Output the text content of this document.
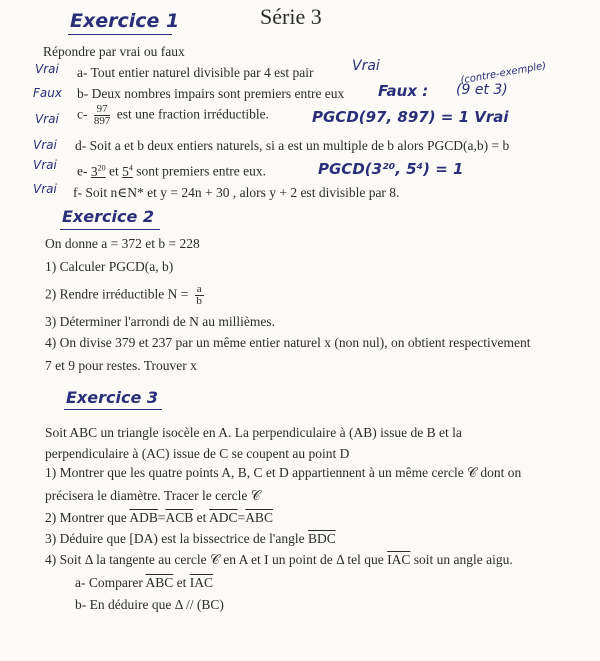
Exercice 1	Série 3
Répondre par vrai ou faux
Vrai a- Tout entier naturel divisible par 4 est pair	Vrai
Faux b- Deux nombres impairs sont premiers entre eux Faux :
(contre-exemple)
(9 et 3)
Vrai $c- \frac{97}{897}$ est une fraction irréductible.	PGCD(97, 897) = 1 Vrai
Vrai d- Soit a et b deux entiers naturels, si a est un multiple de b alors PGCD(a,b) = b
Vrai e- $3^{20}$ et $5^4$ sont premiers entre eux.	PGCD(3²⁰, 5⁴) = 1
Vrai f- Soit n∈N* et y = 24n + 30 , alors y + 2 est divisible par 8.
Exercice 2
On donne a = 372 et b = 228
1) Calculer PGCD(a, b)
2) Rendre irréductible $N = \frac{a}{b}$
3) Déterminer l'arrondi de N au millièmes.
4) On divise 379 et 237 par un même entier naturel x (non nul), on obtient respectivement
7 et 9 pour restes. Trouver x
Exercice 3
Soit ABC un triangle isocèle en A. La perpendiculaire à (AB) issue de B et la
perpendiculaire à (AC) issue de C se coupent au point D
1) Montrer que les quatre points A, B, C et D appartiennent à un même cercle 𝒞 dont on
précisera le diamètre. Tracer le cercle 𝒞
2) Montrer que $\overline{ADB}=\overline{ACB}$ et $\overline{ADC}=\overline{ABC}$
3) Déduire que [DA) est la bissectrice de l'angle $\overline{BDC}$
4) Soit Δ la tangente au cercle 𝒞 en A et I un point de Δ tel que $\overline{IAC}$ soit un angle aigu.
a- Comparer $\overline{ABC}$ et $\overline{IAC}$
b- En déduire que Δ // (BC)
